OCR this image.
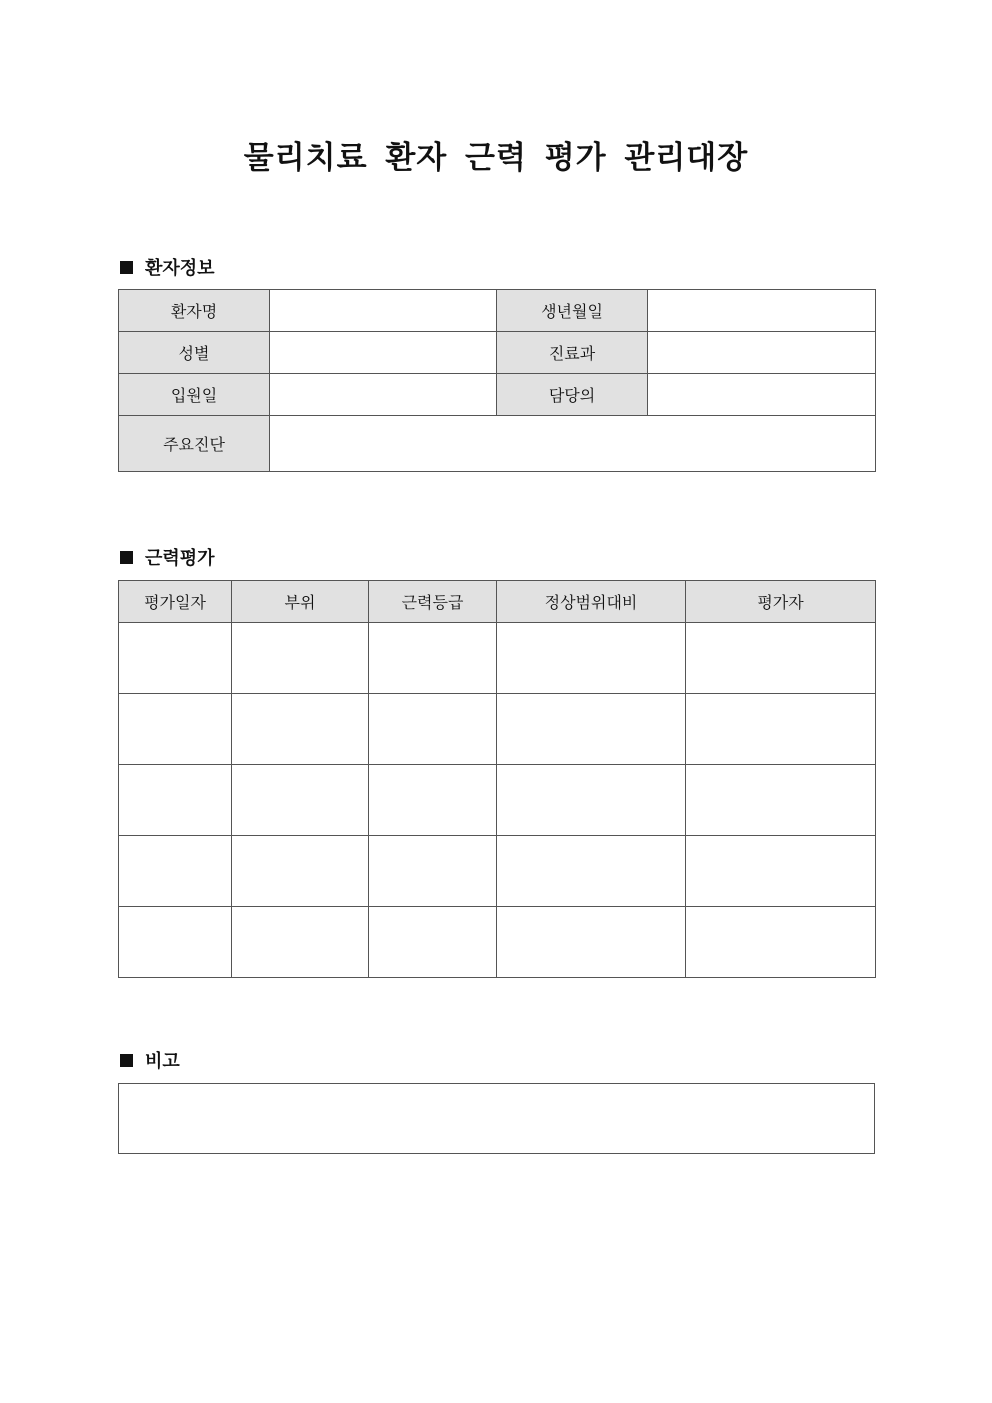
물리치료 환자 근력 평가 관리대장
환자정보
환자명		생년월일	
성별		진료과	
입원일		담당의	
주요진단			
근력평가
평가일자	부위	근력등급	정상범위대비	평가자

비고
